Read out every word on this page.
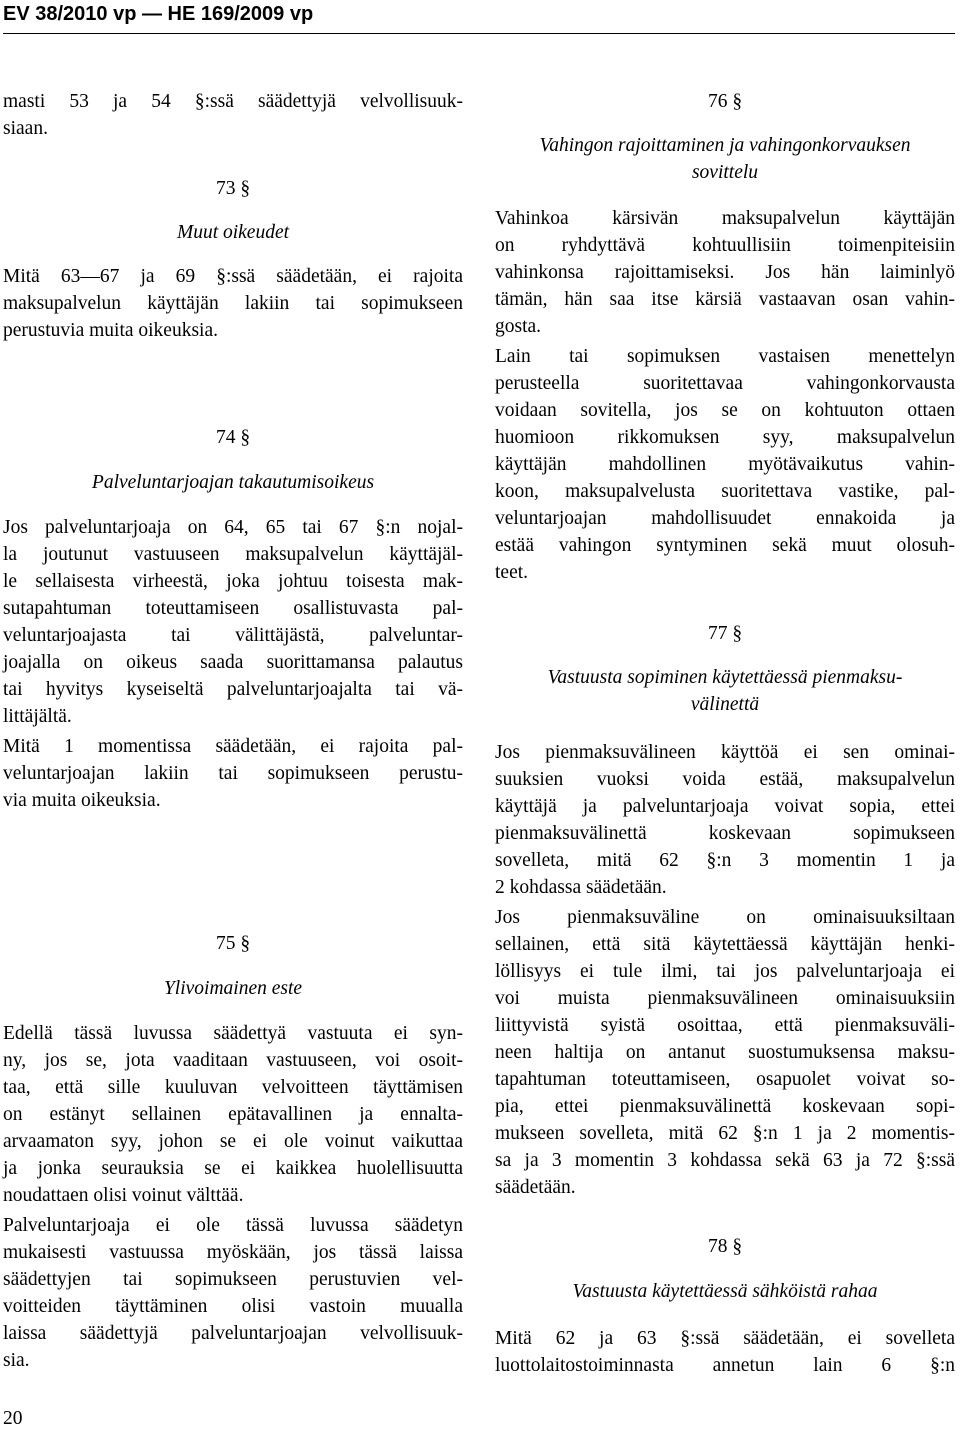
EV 38/2010 vp — HE 169/2009 vp
masti 53 ja 54 §:ssä säädettyjä velvollisuuk-
siaan.
73 §
Muut oikeudet
Mitä 63—67 ja 69 §:ssä säädetään, ei rajoita
maksupalvelun käyttäjän lakiin tai sopimukseen
perustuvia muita oikeuksia.
74 §
Palveluntarjoajan takautumisoikeus
Jos palveluntarjoaja on 64, 65 tai 67 §:n nojal-
la joutunut vastuuseen maksupalvelun käyttäjäl-
le sellaisesta virheestä, joka johtuu toisesta mak-
sutapahtuman toteuttamiseen osallistuvasta pal-
veluntarjoajasta tai välittäjästä, palveluntar-
joajalla on oikeus saada suorittamansa palautus
tai hyvitys kyseiseltä palveluntarjoajalta tai vä-
littäjältä.
Mitä 1 momentissa säädetään, ei rajoita pal-
veluntarjoajan lakiin tai sopimukseen perustu-
via muita oikeuksia.
75 §
Ylivoimainen este
Edellä tässä luvussa säädettyä vastuuta ei syn-
ny, jos se, jota vaaditaan vastuuseen, voi osoit-
taa, että sille kuuluvan velvoitteen täyttämisen
on estänyt sellainen epätavallinen ja ennalta-
arvaamaton syy, johon se ei ole voinut vaikuttaa
ja jonka seurauksia se ei kaikkea huolellisuutta
noudattaen olisi voinut välttää.
Palveluntarjoaja ei ole tässä luvussa säädetyn
mukaisesti vastuussa myöskään, jos tässä laissa
säädettyjen tai sopimukseen perustuvien vel-
voitteiden täyttäminen olisi vastoin muualla
laissa säädettyjä palveluntarjoajan velvollisuuk-
sia.
76 §
Vahingon rajoittaminen ja vahingonkorvauksen
sovittelu
Vahinkoa kärsivän maksupalvelun käyttäjän
on ryhdyttävä kohtuullisiin toimenpiteisiin
vahinkonsa rajoittamiseksi. Jos hän laiminlyö
tämän, hän saa itse kärsiä vastaavan osan vahin-
gosta.
Lain tai sopimuksen vastaisen menettelyn
perusteella suoritettavaa vahingonkorvausta
voidaan sovitella, jos se on kohtuuton ottaen
huomioon rikkomuksen syy, maksupalvelun
käyttäjän mahdollinen myötävaikutus vahin-
koon, maksupalvelusta suoritettava vastike, pal-
veluntarjoajan mahdollisuudet ennakoida ja
estää vahingon syntyminen sekä muut olosuh-
teet.
77 §
Vastuusta sopiminen käytettäessä pienmaksu-
välinettä
Jos pienmaksuvälineen käyttöä ei sen ominai-
suuksien vuoksi voida estää, maksupalvelun
käyttäjä ja palveluntarjoaja voivat sopia, ettei
pienmaksuvälinettä koskevaan sopimukseen
sovelleta, mitä 62 §:n 3 momentin 1 ja
2 kohdassa säädetään.
Jos pienmaksuväline on ominaisuuksiltaan
sellainen, että sitä käytettäessä käyttäjän henki-
löllisyys ei tule ilmi, tai jos palveluntarjoaja ei
voi muista pienmaksuvälineen ominaisuuksiin
liittyvistä syistä osoittaa, että pienmaksuväli-
neen haltija on antanut suostumuksensa maksu-
tapahtuman toteuttamiseen, osapuolet voivat so-
pia, ettei pienmaksuvälinettä koskevaan sopi-
mukseen sovelleta, mitä 62 §:n 1 ja 2 momentis-
sa ja 3 momentin 3 kohdassa sekä 63 ja 72 §:ssä
säädetään.
78 §
Vastuusta käytettäessä sähköistä rahaa
Mitä 62 ja 63 §:ssä säädetään, ei sovelleta
luottolaitostoiminnasta annetun lain 6 §:n
20
